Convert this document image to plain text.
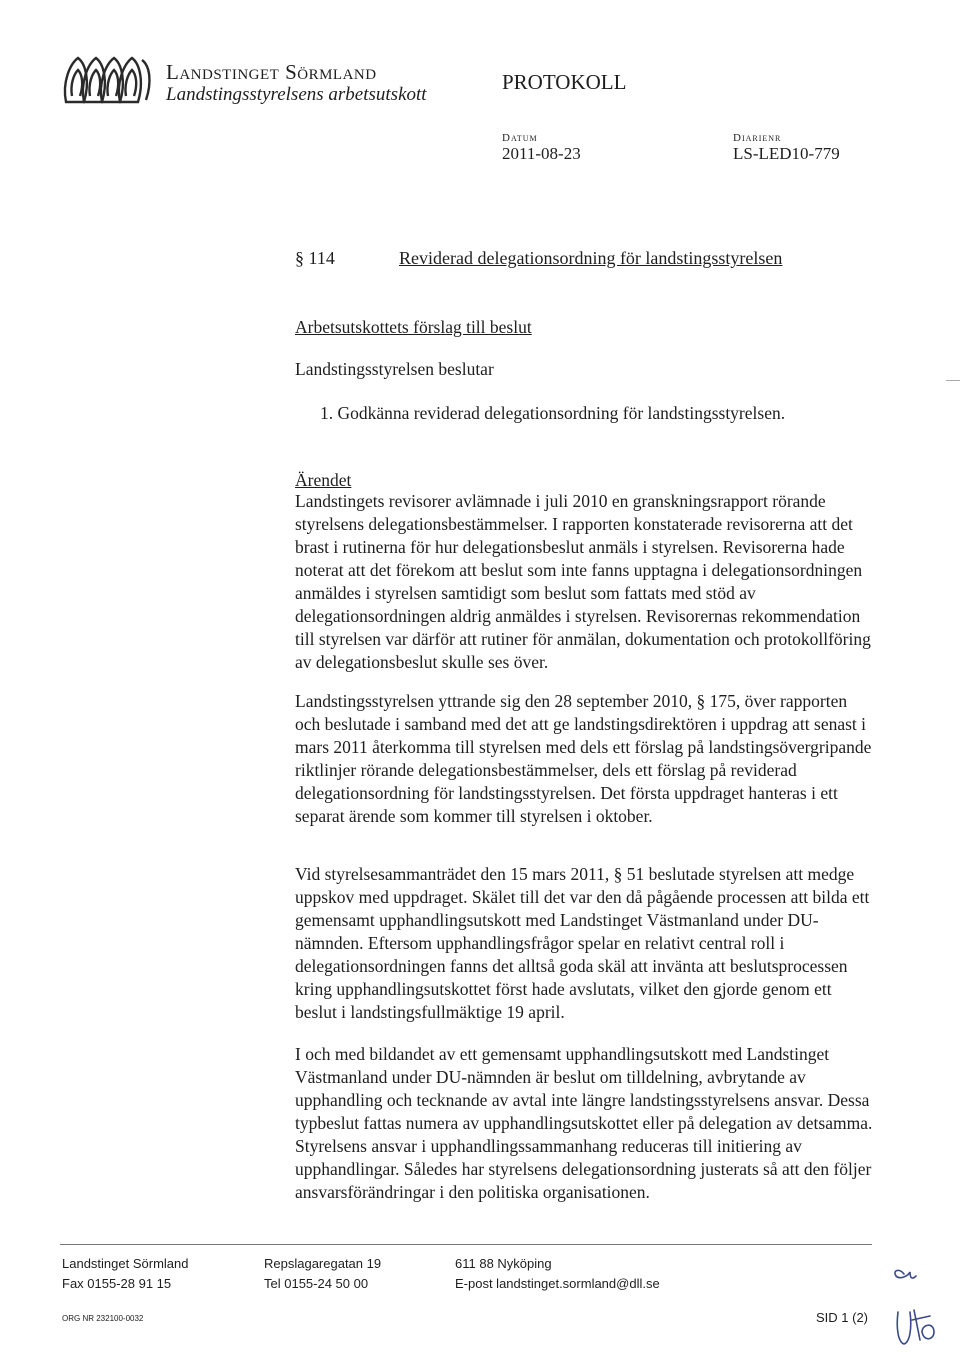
Landstinget Sörmland
Landstingsstyrelsens arbetsutskott
PROTOKOLL
Datum
2011-08-23
Diarienr
LS-LED10-779
§ 114	Reviderad delegationsordning för landstingsstyrelsen
Arbetsutskottets förslag till beslut
Landstingsstyrelsen beslutar
1. Godkänna reviderad delegationsordning för landstingsstyrelsen.
Ärendet
Landstingets revisorer avlämnade i juli 2010 en granskningsrapport rörande styrelsens delegationsbestämmelser. I rapporten konstaterade revisorerna att det brast i rutinerna för hur delegationsbeslut anmäls i styrelsen. Revisorerna hade noterat att det förekom att beslut som inte fanns upptagna i delegationsordningen anmäldes i styrelsen samtidigt som beslut som fattats med stöd av delegationsordningen aldrig anmäldes i styrelsen. Revisorernas rekommendation till styrelsen var därför att rutiner för anmälan, dokumentation och protokollföring av delegationsbeslut skulle ses över.
Landstingsstyrelsen yttrande sig den 28 september 2010, § 175, över rapporten och beslutade i samband med det att ge landstingsdirektören i uppdrag att senast i mars 2011 återkomma till styrelsen med dels ett förslag på landstingsövergripande riktlinjer rörande delegationsbestämmelser, dels ett förslag på reviderad delegationsordning för landstingsstyrelsen. Det första uppdraget hanteras i ett separat ärende som kommer till styrelsen i oktober.
Vid styrelsesammanträdet den 15 mars 2011, § 51 beslutade styrelsen att medge uppskov med uppdraget. Skälet till det var den då pågående processen att bilda ett gemensamt upphandlingsutskott med Landstinget Västmanland under DU-nämnden. Eftersom upphandlingsfrågor spelar en relativt central roll i delegationsordningen fanns det alltså goda skäl att invänta att beslutsprocessen kring upphandlingsutskottet först hade avslutats, vilket den gjorde genom ett beslut i landstingsfullmäktige 19 april.
I och med bildandet av ett gemensamt upphandlingsutskott med Landstinget Västmanland under DU-nämnden är beslut om tilldelning, avbrytande av upphandling och tecknande av avtal inte längre landstingsstyrelsens ansvar. Dessa typbeslut fattas numera av upphandlingsutskottet eller på delegation av detsamma. Styrelsens ansvar i upphandlingssammanhang reduceras till initiering av upphandlingar. Således har styrelsens delegationsordning justerats så att den följer ansvarsförändringar i den politiska organisationen.
Landstinget Sörmland	Repslagaregatan 19	611 88 Nyköping
Fax 0155-28 91 15	Tel 0155-24 50 00	E-post landstinget.sormland@dll.se
ORG NR 232100-0032	SID 1 (2)
